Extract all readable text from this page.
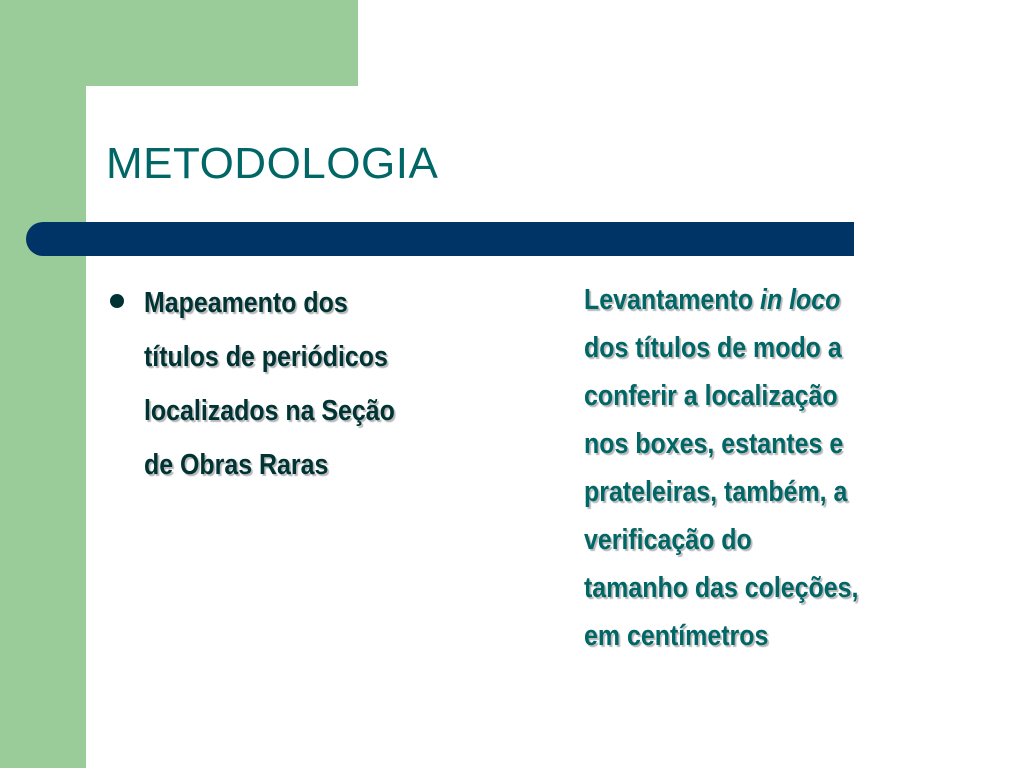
METODOLOGIA
Mapeamento dos
títulos de periódicos
localizados na Seção
de Obras Raras
Levantamento in loco
dos títulos de modo a
conferir a localização
nos boxes, estantes e
prateleiras, também, a
verificação do
tamanho das coleções,
em centímetros
